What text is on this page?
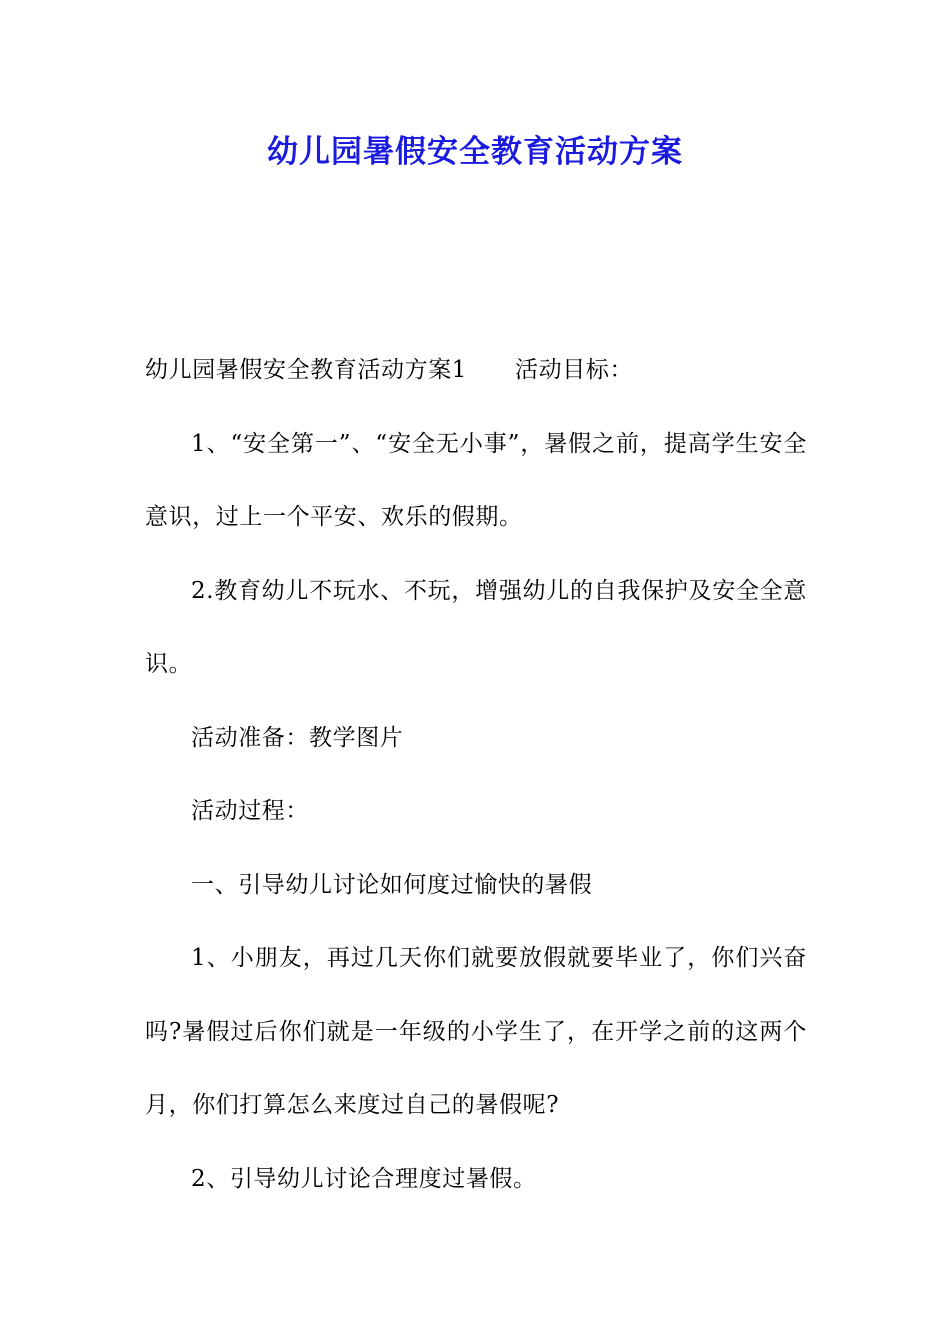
幼儿园暑假安全教育活动方案

幼儿园暑假安全教育活动方案1 活动目标：

1、“安全第一”、“安全无小事”，暑假之前，提高学生安全意识，过上一个平安、欢乐的假期。

2.教育幼儿不玩水、不玩，增强幼儿的自我保护及安全全意识。

活动准备：教学图片

活动过程：

一、引导幼儿讨论如何度过愉快的暑假

1、小朋友，再过几天你们就要放假就要毕业了，你们兴奋吗?暑假过后你们就是一年级的小学生了，在开学之前的这两个月，你们打算怎么来度过自己的暑假呢?

2、引导幼儿讨论合理度过暑假。
